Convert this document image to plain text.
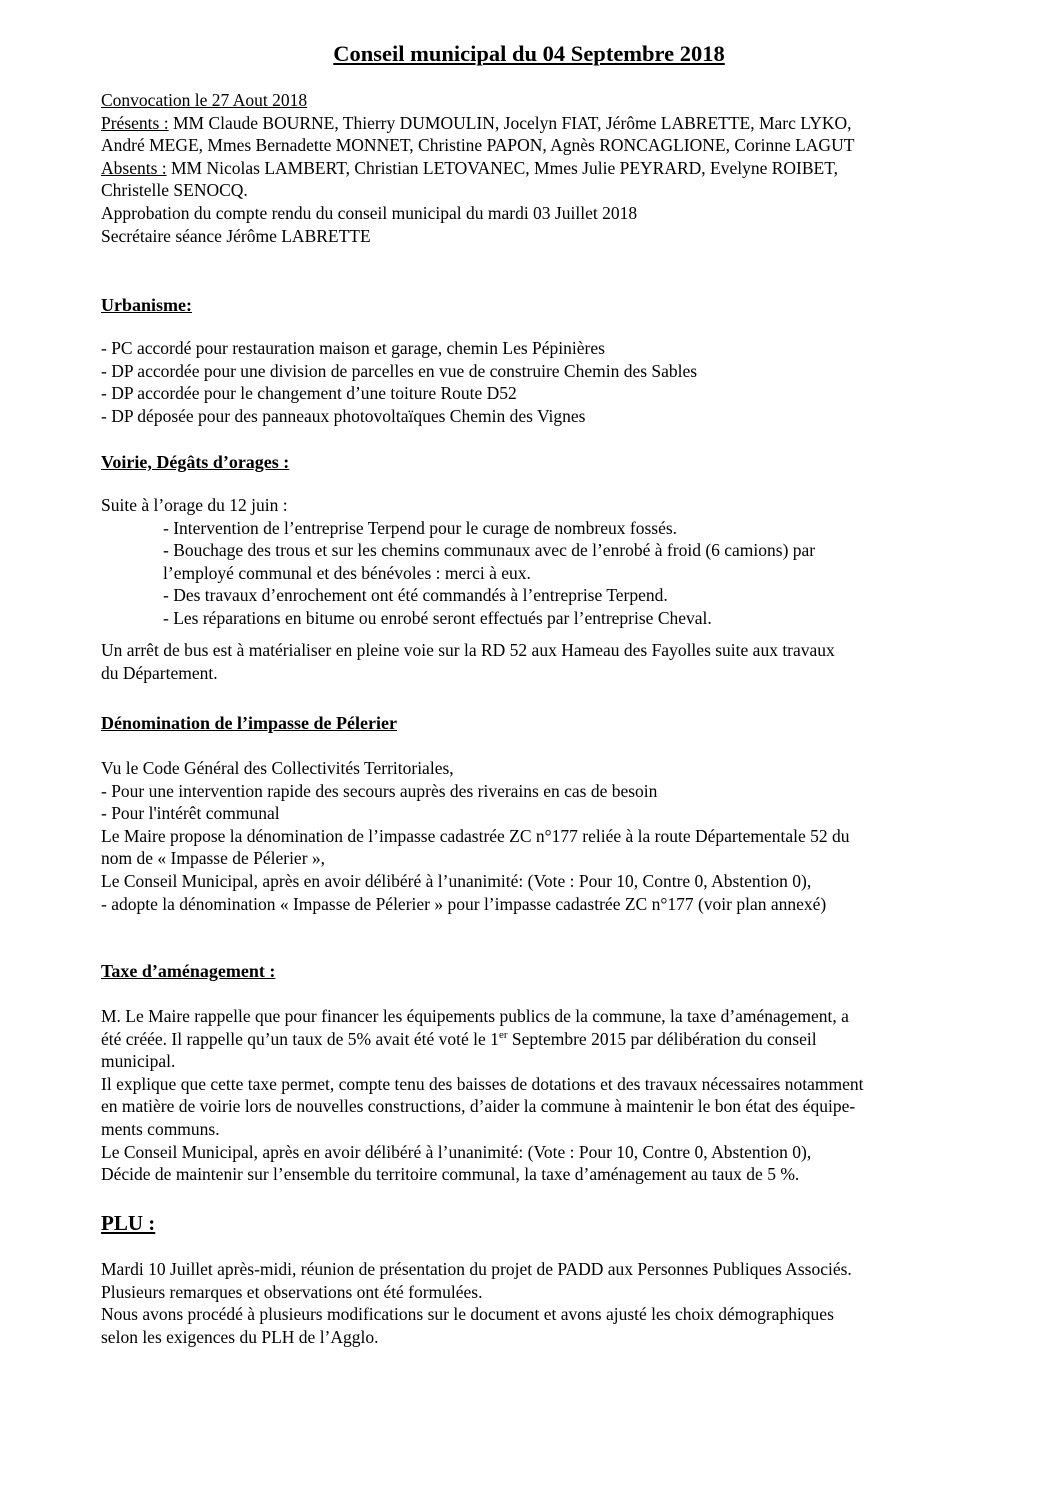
Conseil municipal du 04 Septembre 2018
Convocation le 27 Aout 2018
Présents : MM Claude BOURNE, Thierry DUMOULIN, Jocelyn FIAT, Jérôme LABRETTE, Marc LYKO,
André MEGE, Mmes Bernadette MONNET, Christine PAPON, Agnès RONCAGLIONE, Corinne LAGUT
Absents : MM Nicolas LAMBERT, Christian LETOVANEC, Mmes Julie PEYRARD, Evelyne ROIBET,
Christelle SENOCQ.
Approbation du compte rendu du conseil municipal du mardi 03 Juillet 2018
Secrétaire séance Jérôme LABRETTE
Urbanisme:
- PC accordé pour restauration maison et garage, chemin Les Pépinières
- DP accordée pour une division de parcelles en vue de construire Chemin des Sables
- DP accordée pour le changement d’une toiture Route D52
- DP déposée pour des panneaux photovoltaïques Chemin des Vignes
Voirie, Dégâts d’orages :
Suite à l’orage du 12 juin :
- Intervention de l’entreprise Terpend pour le curage de nombreux fossés.
- Bouchage des trous et sur les chemins communaux avec de l’enrobé à froid (6 camions) par
l’employé communal et des bénévoles : merci à eux.
- Des travaux d’enrochement ont été commandés à l’entreprise Terpend.
- Les réparations en bitume ou enrobé seront effectués par l’entreprise Cheval.
Un arrêt de bus est à matérialiser en pleine voie sur la RD 52 aux Hameau des Fayolles suite aux travaux
du Département.
Dénomination de l’impasse de Pélerier
Vu le Code Général des Collectivités Territoriales,
- Pour une intervention rapide des secours auprès des riverains en cas de besoin
- Pour l'intérêt communal
Le Maire propose la dénomination de l’impasse cadastrée ZC n°177 reliée à la route Départementale 52 du
nom de « Impasse de Pélerier »,
Le Conseil Municipal, après en avoir délibéré à l’unanimité: (Vote : Pour 10, Contre 0, Abstention 0),
- adopte la dénomination « Impasse de Pélerier » pour l’impasse cadastrée ZC n°177 (voir plan annexé)
Taxe d’aménagement :
M. Le Maire rappelle que pour financer les équipements publics de la commune, la taxe d’aménagement, a
été créée. Il rappelle qu’un taux de 5% avait été voté le 1er Septembre 2015 par délibération du conseil
municipal.
Il explique que cette taxe permet, compte tenu des baisses de dotations et des travaux nécessaires notamment
en matière de voirie lors de nouvelles constructions, d’aider la commune à maintenir le bon état des équipe-
ments communs.
Le Conseil Municipal, après en avoir délibéré à l’unanimité: (Vote : Pour 10, Contre 0, Abstention 0),
Décide de maintenir sur l’ensemble du territoire communal, la taxe d’aménagement au taux de 5 %.
PLU :
Mardi 10 Juillet après-midi, réunion de présentation du projet de PADD aux Personnes Publiques Associés.
Plusieurs remarques et observations ont été formulées.
Nous avons procédé à plusieurs modifications sur le document et avons ajusté les choix démographiques
selon les exigences du PLH de l’Agglo.
